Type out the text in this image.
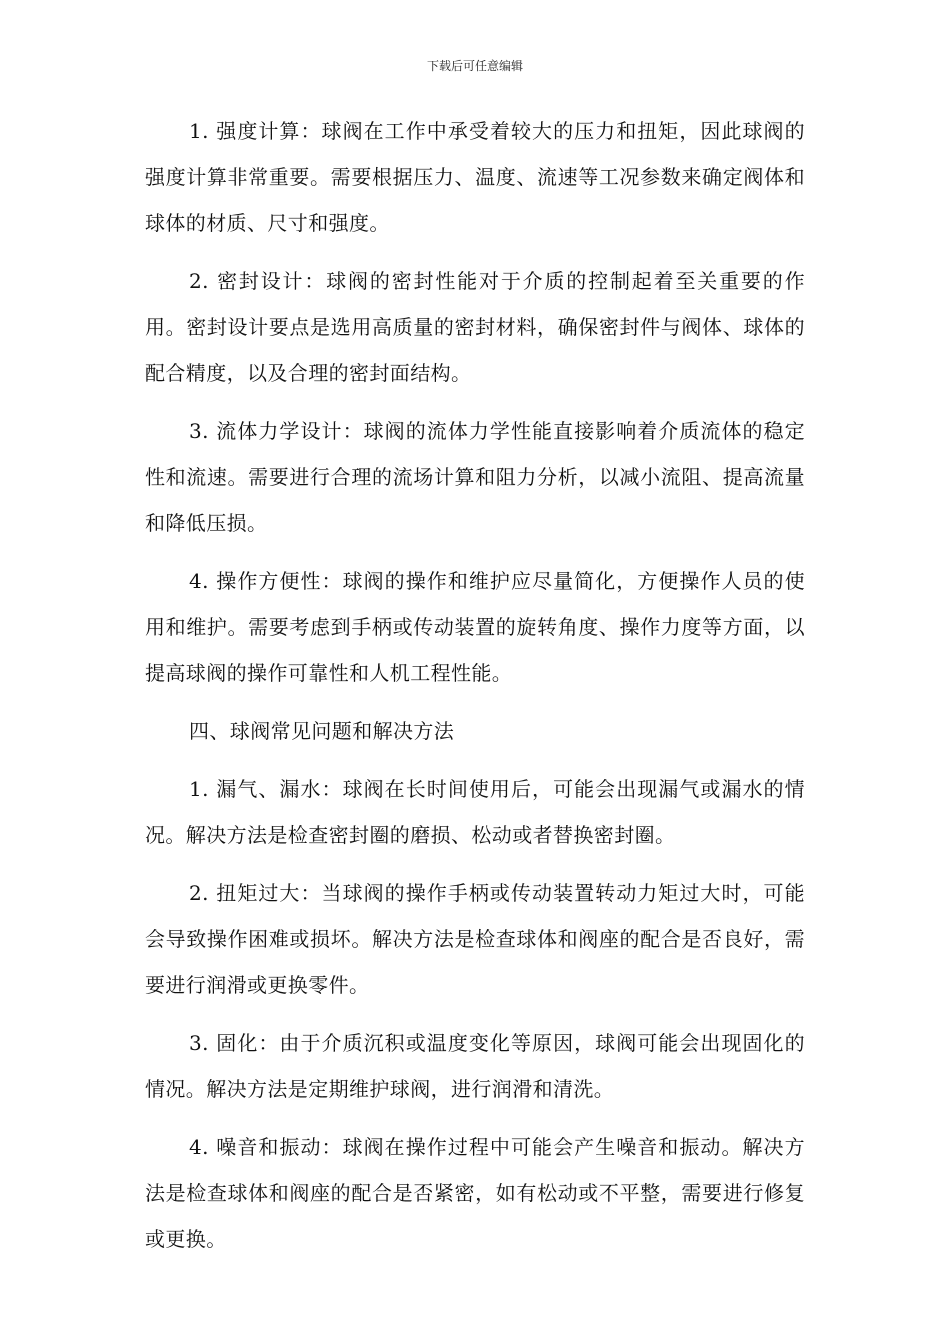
下载后可任意编辑

1. 强度计算：球阀在工作中承受着较大的压力和扭矩，因此球阀的强度计算非常重要。需要根据压力、温度、流速等工况参数来确定阀体和球体的材质、尺寸和强度。

2. 密封设计：球阀的密封性能对于介质的控制起着至关重要的作用。密封设计要点是选用高质量的密封材料，确保密封件与阀体、球体的配合精度，以及合理的密封面结构。

3. 流体力学设计：球阀的流体力学性能直接影响着介质流体的稳定性和流速。需要进行合理的流场计算和阻力分析，以减小流阻、提高流量和降低压损。

4. 操作方便性：球阀的操作和维护应尽量简化，方便操作人员的使用和维护。需要考虑到手柄或传动装置的旋转角度、操作力度等方面，以提高球阀的操作可靠性和人机工程性能。

四、球阀常见问题和解决方法

1. 漏气、漏水：球阀在长时间使用后，可能会出现漏气或漏水的情况。解决方法是检查密封圈的磨损、松动或者替换密封圈。

2. 扭矩过大：当球阀的操作手柄或传动装置转动力矩过大时，可能会导致操作困难或损坏。解决方法是检查球体和阀座的配合是否良好，需要进行润滑或更换零件。

3. 固化：由于介质沉积或温度变化等原因，球阀可能会出现固化的情况。解决方法是定期维护球阀，进行润滑和清洗。

4. 噪音和振动：球阀在操作过程中可能会产生噪音和振动。解决方法是检查球体和阀座的配合是否紧密，如有松动或不平整，需要进行修复或更换。
